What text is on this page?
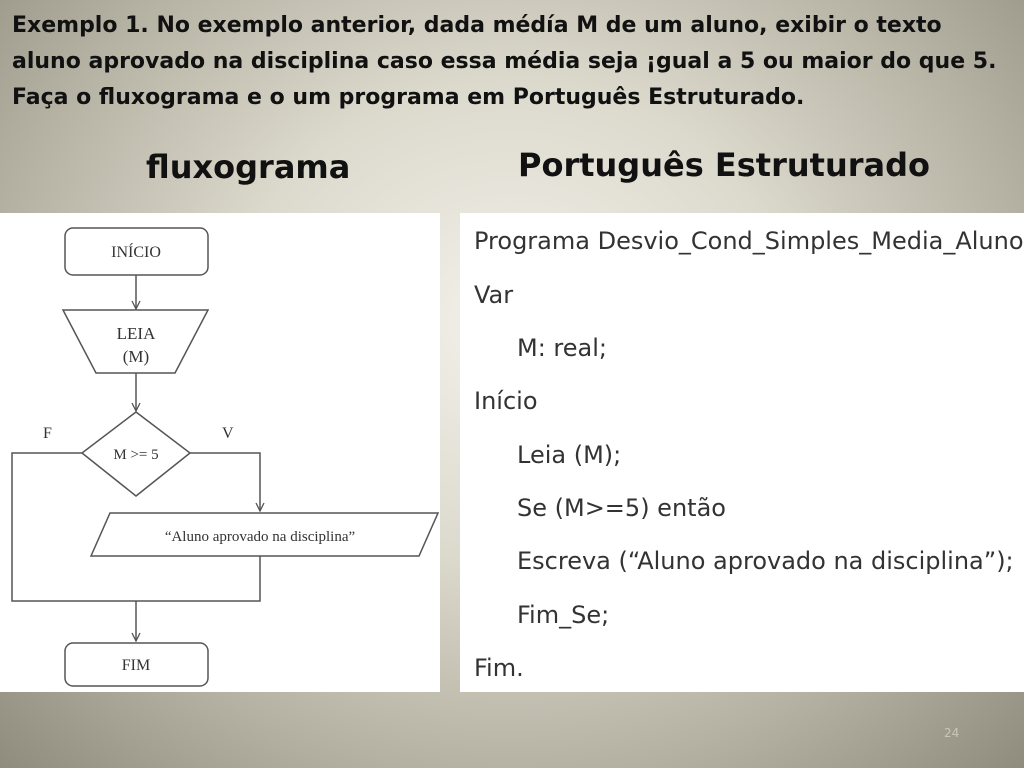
Exemplo 1. No exemplo anterior, dada médía M de um aluno, exibir o texto aluno aprovado na disciplina caso essa média seja ¡gual a 5 ou maior do que 5. Faça o fluxograma e o um programa em Português Estruturado.

fluxograma	Português Estruturado
INÍCIO
LEIA
(M)
M >= 5
F	V
“Aluno aprovado na disciplina”
FIM
Programa Desvio_Cond_Simples_Media_Aluno
Var
M: real;
Início
Leia (M);
Se (M>=5) então
Escreva (“Aluno aprovado na disciplina”);
Fim_Se;
Fim.
24
